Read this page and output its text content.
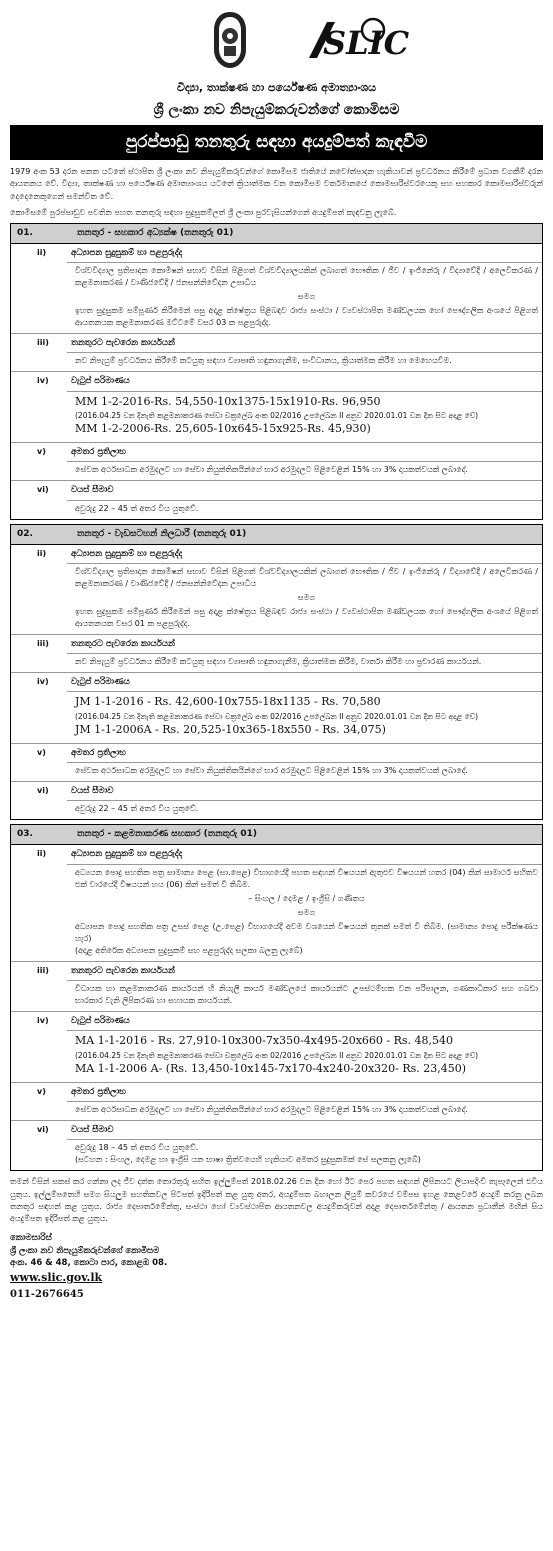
SLIC
විද්‍යා, තාක්ෂණ හා පර්යේෂණ අමාත්‍යාංශය
ශ්‍රී ලංකා නව නිපැයුම්කරුවන්ගේ කොමිසම
පුරප්පාඩු තනතුරු සඳහා අයදුම්පත් කැඳවීම
1979 අංක 53 දරන පනත යටතේ ස්ථාපිත ශ්‍රී ලංකා නව නිපැයුම්කරුවන්ගේ කොමිසම ජාතියේ නවෝත්පාදන හැකියාවන් ප්‍රවර්ධනය කිරීමේ ප්‍රධාන වගකීම් දරන ආයතනය වේ. විද්‍යා, තාක්ෂණ හා පර්යේෂණ අමාත්‍යාංශය යටතේ ක්‍රියාත්මක වන කොමිසම වර්තමානයේ කොමසාරිස්වරයෙකු සහ සහකාර කොමසාරිස්වරුන් දෙදෙනෙකුගෙන් සමන්විත වේ.
කොමිසමේ පුරප්පාඩුව පවතින පහත තනතුරු සඳහා සුදුසුකම්ලත් ශ්‍රී ලංකා පුරවැසියන්ගෙන් අයදුම්පත් කැඳවනු ලැබේ.
01.	තනතුර - සහකාර අධ්‍යක්ෂ (තනතුරු 01)
ii)	අධ්‍යාපන සුදුසුකම් හා පළපුරුද්ද
විශ්වවිද්‍යාල ප්‍රතිපාදන කොමිෂන් සභාව විසින් පිළිගත් විශ්වවිද්‍යාලයකින් ලබාගත් භෞතික / ජීව / ඉංජිනේරු / විද්‍යාවේදී / අලෙවිකරණ / කළමනාකරණ / වාණිජවේදී / ජනසන්නිවේදන උපාධිය
සමග
ඉහත සුදුසුකම සම්පූර්ණ කිරීමෙන් පසු අදාළ ක්ෂේත්‍රය පිළිබඳව රාජ්‍ය සංස්ථා / ව්‍යවස්ථාපිත මණ්ඩලයක හෝ පෞද්ගලික අංශයේ පිළිගත් ආයතනයක කළමනාකරණ මට්ටමේ වසර 03 ක පළපුරුද්ද.
iii)	තනතුරට පැවරෙන කාර්යයන්
නව නිපැයුම් ප්‍රවර්ධනය කිරීමේ කටයුතු සඳහා ව්‍යාපෘති හඳුනාගැනීම, සංවිධානය, ක්‍රියාත්මක කිරීම හා මෙහෙයවීම.
iv)	වැටුප් පරිමාණය
MM 1-2-2016-Rs. 54,550-10x1375-15x1910-Rs. 96,950
(2016.04.25 වන දිනැති කළමනාකරණ සේවා චක්‍රලේඛ අංක 02/2016 උපලේඛන II අනුව 2020.01.01 වන දින සිට අදාළ වේ)
MM 1-2-2006-Rs. 25,605-10x645-15x925-Rs. 45,930)
v)	අමතර ප්‍රතිලාභ
සේවක අර්ථසාධක අරමුදලට හා සේවා නියුක්තිකයින්ගේ භාර අරමුදලට පිළිවෙළින් 15% හා 3% දායකත්වයක් ලබාදේ.
vi)	වයස් සීමාව
අවුරුදු 22 – 45 ත් අතර විය යුතුවේ.
02.	තනතුර - වැඩසටහන් නිලධාරී (තනතුරු 01)
ii)	අධ්‍යාපන සුදුසුකම් හා පළපුරුද්ද
විශ්වවිද්‍යාල ප්‍රතිපාදන කොමිෂන් සභාව විසින් පිළිගත් විශ්වවිද්‍යාලයකින් ලබාගත් භෞතික / ජීව / ඉංජිනේරු / විද්‍යාවේදී / අලෙවිකරණ / කළමනාකරණ / වාණිජවේදී / ජනසන්නිවේදන උපාධිය
සමග
ඉහත සුදුසුකම සම්පූර්ණ කිරීමෙන් පසු අදාළ ක්ෂේත්‍රය පිළිබඳව රාජ්‍ය සංස්ථා / ව්‍යවස්ථාපිත මණ්ඩලයක හෝ පෞද්ගලික අංශයේ පිළිගත් ආයතනයක වසර 01 ක පළපුරුද්ද.
iii)	තනතුරට පැවරෙන කාර්යයන්
නව නිපැයුම් ප්‍රවර්ධනය කිරීමේ කටයුතු සඳහා ව්‍යාපෘති හඳුනාගැනීම, ක්‍රියාත්මක කිරීම, වාර්තා කිරීම හා ප්‍රචාරණ කාර්යයන්.
iv)	වැටුප් පරිමාණය
JM 1-1-2016 - Rs. 42,600-10x755-18x1135 - Rs. 70,580
(2016.04.25 වන දිනැති කළමනාකරණ සේවා චක්‍රලේඛ අංක 02/2016 උපලේඛන II අනුව 2020.01.01 වන දින සිට අදාළ වේ)
JM 1-1-2006A - Rs. 20,525-10x365-18x550 - Rs. 34,075)
v)	අමතර ප්‍රතිලාභ
සේවක අර්ථසාධක අරමුදලට හා සේවා නියුක්තිකයින්ගේ භාර අරමුදලට පිළිවෙළින් 15% හා 3% දායකත්වයක් ලබාදේ.
vi)	වයස් සීමාව
අවුරුදු 22 – 45 ත් අතර විය යුතුවේ.
03.	තනතුර - කළමනාකරණ සහකාර (තනතුරු 01)
ii)	අධ්‍යාපන සුදුසුකම් හා පළපුරුද්ද
අධ්‍යයන පොදු සහතික පත්‍ර සාමාන්‍ය පෙළ (සා.පෙළ) විභාගයේදී පහත සඳහන් විෂයයන් ඇතුළුව විෂයයන් හතර (04) කින් සාමාර්ථ සහිතව එක් වාරයේදී විෂයයන් හය (06) කින් සමත් වී තිබීම.
– සිංහල / දෙමළ / ඉංග්‍රීසි / ගණිතය
සමග
අධ්‍යාපන පොදු සහතික පත්‍ර උසස් පෙළ (උ.පෙළ) විභාගයේදී අවම වශයෙන් විෂයයන් තුනක් සමත් වී තිබීම. (සාමාන්‍ය පොදු පරීක්ෂණය හැර)
(අදාළ අතිරේක අධ්‍යාපන සුදුසුකම් සහ පළපුරුද්ද සලකා බලනු ලැබේ)
iii)	තනතුරට පැවරෙන කාර්යයන්
විධායක හා කළමනාකරණ කාර්යයන් හි නියැලී කාර්ය මණ්ඩලයේ කාර්යයන්ට උපස්ථම්භක වන පරිපාලන, ගණකාධිකාර සහ ගබඩා භාරකාර වැනි ලිපිකරණ හා සහායක කාර්යයන්.
iv)	වැටුප් පරිමාණය
MA 1-1-2016 - Rs. 27,910-10x300-7x350-4x495-20x660 - Rs. 48,540
(2016.04.25 වන දිනැති කළමනාකරණ සේවා චක්‍රලේඛ අංක 02/2016 උපලේඛන II අනුව 2020.01.01 වන දින සිට අදාළ වේ)
MA 1-1-2006 A- (Rs. 13,450-10x145-7x170-4x240-20x320- Rs. 23,450)
v)	අමතර ප්‍රතිලාභ
සේවක අර්ථසාධක අරමුදලට හා සේවා නියුක්තිකයින්ගේ භාර අරමුදලට පිළිවෙළින් 15% හා 3% දායකත්වයක් ලබාදේ.
vi)	වයස් සීමාව
අවුරුදු 18 – 45 ත් අතර විය යුතුවේ.
(සටහන : සිංහල, දෙමළ හා ඉංග්‍රීසි යන භාෂා ත්‍රිත්වයෙහි හැකියාව අමතර සුදුසුකමක් සේ සලකනු ලැබේ)
තමන් විසින් සකස් කර ගන්නා ලද ජීව දත්ත තොරතුරු සහිත ඉල්ලුම්පත් 2018.02.26 වන දින හෝ ඊට පෙර පහත සඳහන් ලිපිනයට ලියාපදිංචි තැපෑලෙන් එවිය යුතුය. ඉල්ලුම්පතෙහි සමග සියලුම සහතිකවල පිටපත් ඉදිරිපත් කළ යුතු අතර, අයදුම්පත බහාලන ලියුම් කවරයේ වම්පස ඉහළ කෙළවරේ අයදුම් කරනු ලබන තනතුර සඳහන් කළ යුතුය. රාජ්‍ය දෙපාර්තමේන්තු, සංස්ථා හෝ ව්‍යවස්ථාපිත ආයතනවල අයදුම්කරුවන් අදාළ දෙපාර්තමේන්තු / ආයතන ප්‍රධානීන් මඟින් සිය අයදුම්පත ඉදිරිපත් කළ යුතුය.
කොමසාරිස්
ශ්‍රී ලංකා නව නිපැයුම්කරුවන්ගේ කොමිසම
අංක. 46 & 48, කොටා පාර, කොළඹ 08.
www.slic.gov.lk
011-2676645
